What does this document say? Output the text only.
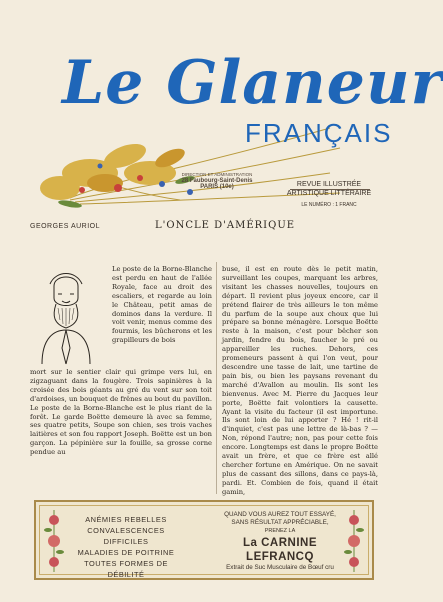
Le Glaneur
FRANÇAIS
DIRECTION ET ADMINISTRATION
28 Faubourg-Saint-Denis
PARIS (10e)	REVUE ILLUSTRÉE
ARTISTIQUE LITTÉRAIRE
LE NUMÉRO : 1 FRANC
GEORGES AURIOL	L'ONCLE D'AMÉRIQUE
Le poste de la Borne-Blanche est perdu en haut de l'allée Royale, face au droit des escaliers, et regarde au loin le Château, petit amas de dominos dans la verdure. Il voit venir, menus comme des fourmis, les bûcherons et les grapilleurs de bois
mort sur le sentier clair qui grimpe vers lui, en zigzaguant dans la fougère. Trois sapinières à la croisée des bois géants au gré du vent sur son toit d'ardoises, un bouquet de frênes au bout du pavillon. Le poste de la Borne-Blanche est le plus riant de la forêt. Le garde Boëtte demeure là avec sa femme, ses quatre petits, Soupe son chien, ses trois vaches laitières et son fou rapport Joseph. Boëtte est un bon garçon. La pépinière sur la fouille, sa grosse corne pendue au
buse, il est en route dès le petit matin, surveillant les coupes, marquant les arbres, visitant les chasses nouvelles, toujours en départ. Il revient plus joyeux encore, car il prétend flairer de très ailleurs le ton même du parfum de la soupe aux choux que lui prépare sa bonne ménagère. Lorsque Boëtte reste à la maison, c'est pour bêcher son jardin, fendre du bois, faucher le pré ou appareiller les ruches. Dehors, ces promeneurs passent à qui l'on veut, pour descendre une tasse de lait, une tartine de pain bis, ou bien les paysans revenant du marché d'Avallon au moulin. Ils sont les bienvenus. Avec M. Pierre du Jacques leur porte, Boëtte fait volontiers la causette. Ayant la visite du facteur (il est importune. Ils sont loin de lui apporter ? Hé ! rit-il d'inquiet, c'est pas une lettre de là-bas ? — Non, répond l'autre; non, pas pour cette fois encore. Longtemps est dans le propre Boëtte avait un frère, et que ce frère est allé chercher fortune en Amérique. On ne savait plus de cassant des sillons, dans ce pays-là, pardi. Et. Combien de fois, quand il était gamin,
ANÉMIES REBELLES
CONVALESCENCES DIFFICILES
MALADIES DE POITRINE
TOUTES FORMES DE DÉBILITÉ
QUAND VOUS AUREZ TOUT ESSAYÉ,
SANS RÉSULTAT APPRÉCIABLE,
PRENEZ LA
La CARNINE LEFRANCQ
Extrait de Suc Musculaire de Bœuf cru
